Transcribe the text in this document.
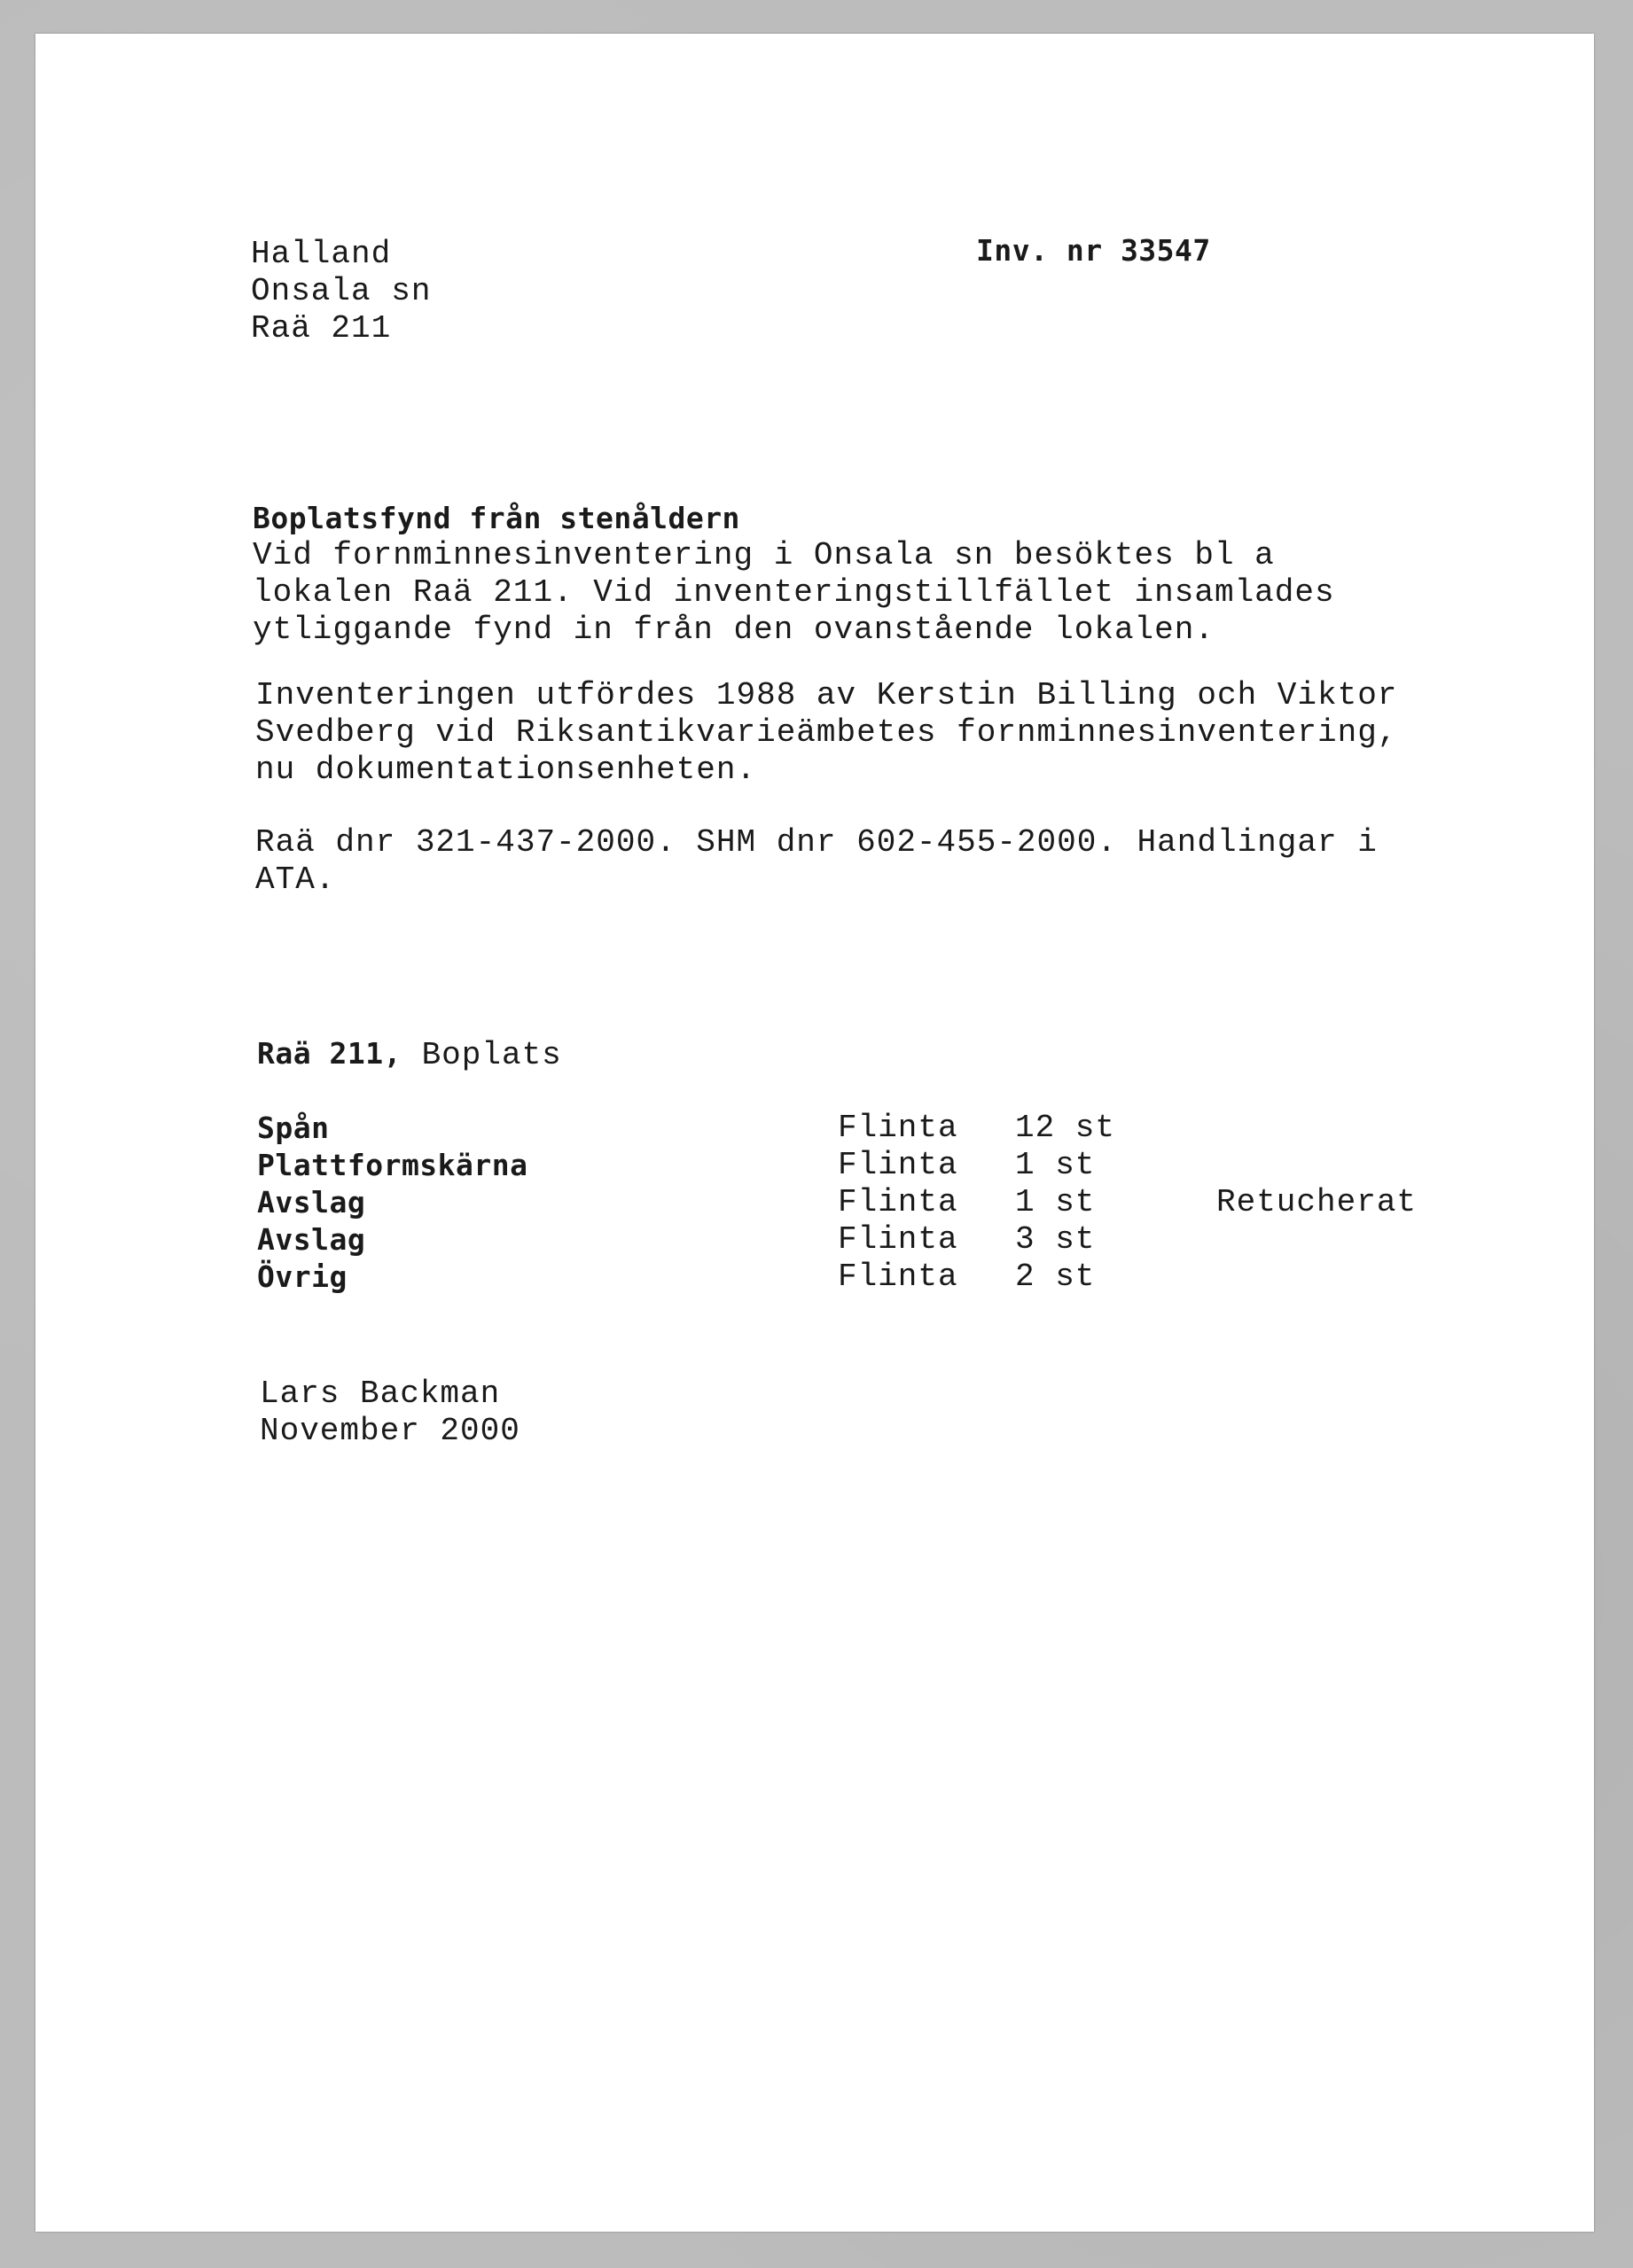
Halland
Onsala sn
Raä 211
Inv. nr 33547
Boplatsfynd från stenåldern
Vid fornminnesinventering i Onsala sn besöktes bl a
lokalen Raä 211. Vid inventeringstillfället insamlades
ytliggande fynd in från den ovanstående lokalen.
Inventeringen utfördes 1988 av Kerstin Billing och Viktor
Svedberg vid Riksantikvarieämbetes fornminnesinventering,
nu dokumentationsenheten.
Raä dnr 321-437-2000. SHM dnr 602-455-2000. Handlingar i
ATA.
Raä 211, Boplats
Spån	Flinta 12 st
Plattformskärna	Flinta 1 st
Avslag	Flinta 1 st	Retucherat
Avslag	Flinta 3 st
Övrig	Flinta 2 st
Lars Backman
November 2000
